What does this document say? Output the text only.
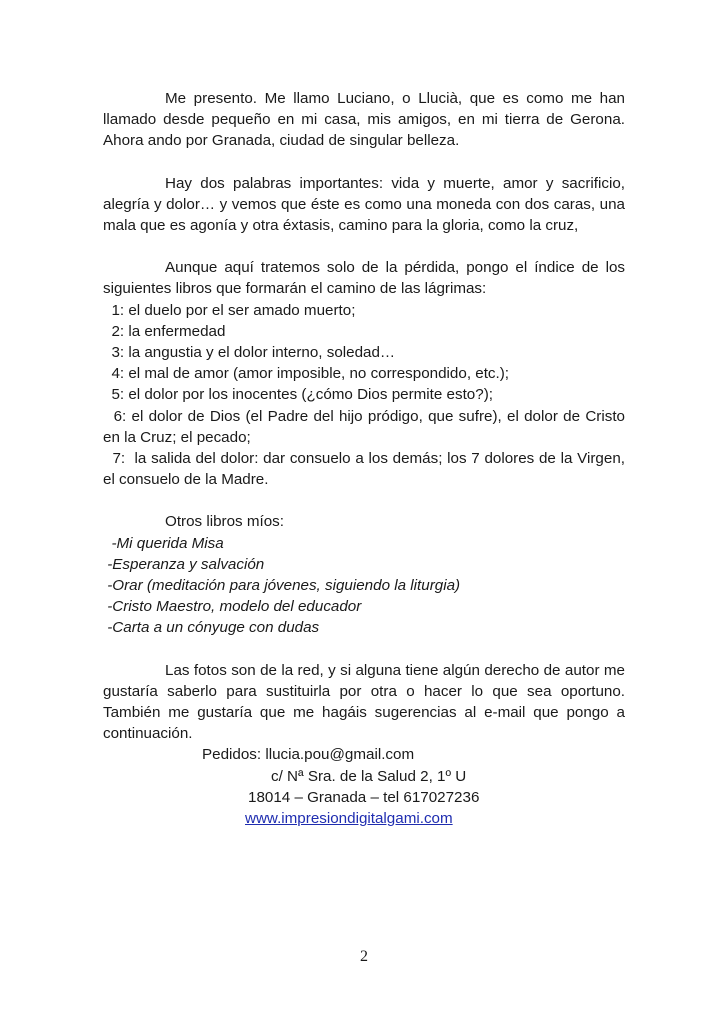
Me presento. Me llamo Luciano, o Llucià, que es como me han llamado desde pequeño en mi casa, mis amigos, en mi tierra de Gerona. Ahora ando por Granada, ciudad de singular belleza.

Hay dos palabras importantes: vida y muerte, amor y sacrificio, alegría y dolor… y vemos que éste es como una moneda con dos caras, una mala que es agonía y otra éxtasis, camino para la gloria, como la cruz,

Aunque aquí tratemos solo de la pérdida, pongo el índice de los siguientes libros que formarán el camino de las lágrimas:

1: el duelo por el ser amado muerto;
2: la enfermedad
3: la angustia y el dolor interno, soledad…
4: el mal de amor (amor imposible, no correspondido, etc.);
5: el dolor por los inocentes (¿cómo Dios permite esto?);

6: el dolor de Dios (el Padre del hijo pródigo, que sufre), el dolor de Cristo en la Cruz; el pecado;

7:  la salida del dolor: dar consuelo a los demás; los 7 dolores de la Virgen, el consuelo de la Madre.

Otros libros míos:

-Mi querida Misa
-Esperanza y salvación
-Orar (meditación para jóvenes, siguiendo la liturgia)
-Cristo Maestro, modelo del educador
-Carta a un cónyuge con dudas

Las fotos son de la red, y si alguna tiene algún derecho de autor me gustaría saberlo para sustituirla por otra o hacer lo que sea oportuno. También me gustaría que me hagáis sugerencias al e-mail que pongo a continuación.

Pedidos: llucia.pou@gmail.com
c/ Nª Sra. de la Salud 2, 1º U
18014 – Granada – tel 617027236
www.impresiondigitalgami.com
2
